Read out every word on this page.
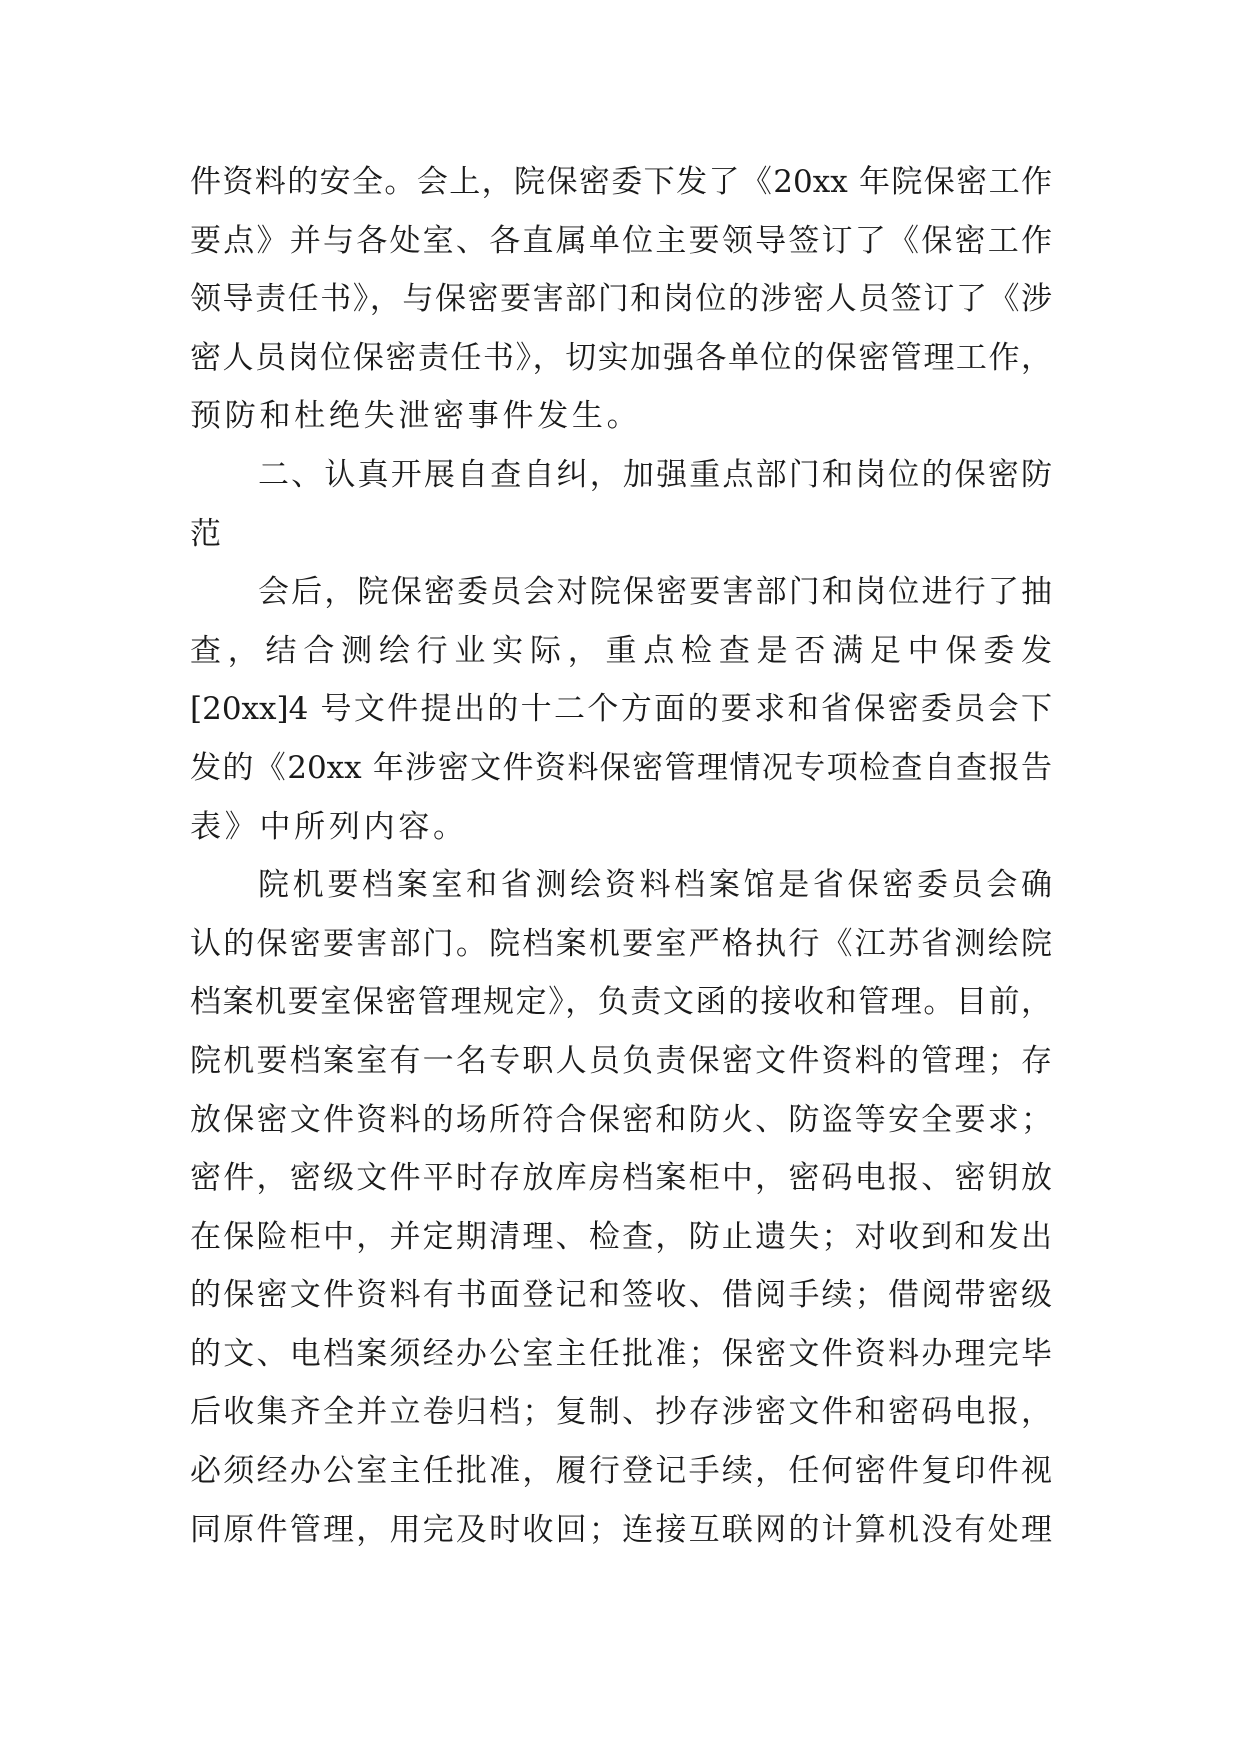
件资料的安全。会上，院保密委下发了《20xx 年院保密工作
要点》并与各处室、各直属单位主要领导签订了《保密工作
领导责任书》，与保密要害部门和岗位的涉密人员签订了《涉
密人员岗位保密责任书》，切实加强各单位的保密管理工作，
预防和杜绝失泄密事件发生。
二、认真开展自查自纠，加强重点部门和岗位的保密防
范
会后，院保密委员会对院保密要害部门和岗位进行了抽
查，结合测绘行业实际，重点检查是否满足中保委发
[20xx]4 号文件提出的十二个方面的要求和省保密委员会下
发的《20xx 年涉密文件资料保密管理情况专项检查自查报告
表》中所列内容。
院机要档案室和省测绘资料档案馆是省保密委员会确
认的保密要害部门。院档案机要室严格执行《江苏省测绘院
档案机要室保密管理规定》，负责文函的接收和管理。目前，
院机要档案室有一名专职人员负责保密文件资料的管理；存
放保密文件资料的场所符合保密和防火、防盗等安全要求；
密件，密级文件平时存放库房档案柜中，密码电报、密钥放
在保险柜中，并定期清理、检查，防止遗失；对收到和发出
的保密文件资料有书面登记和签收、借阅手续；借阅带密级
的文、电档案须经办公室主任批准；保密文件资料办理完毕
后收集齐全并立卷归档；复制、抄存涉密文件和密码电报，
必须经办公室主任批准，履行登记手续，任何密件复印件视
同原件管理，用完及时收回；连接互联网的计算机没有处理
